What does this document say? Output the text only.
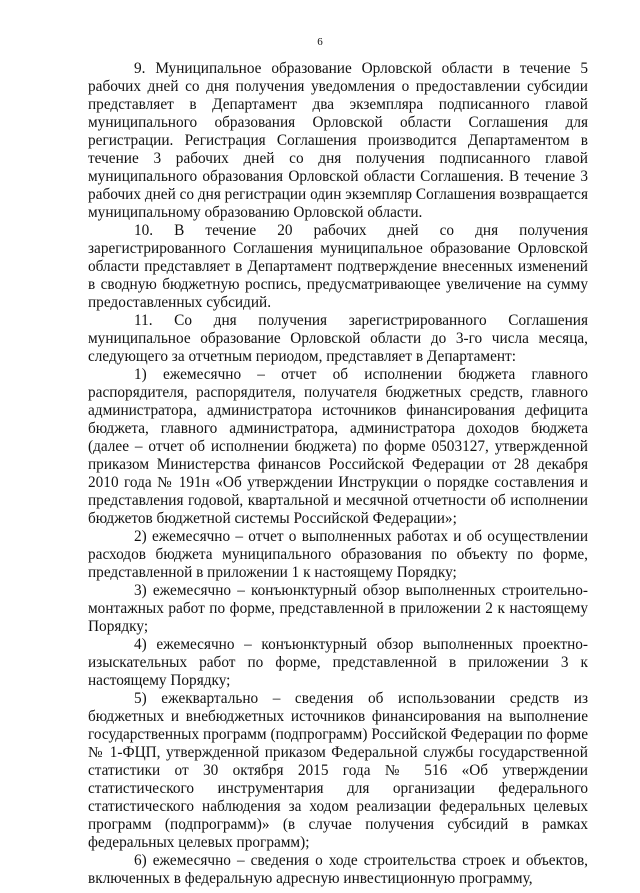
6

9. Муниципальное образование Орловской области в течение 5 рабочих дней со дня получения уведомления о предоставлении субсидии представляет в Департамент два экземпляра подписанного главой муниципального образования Орловской области Соглашения для регистрации. Регистрация Соглашения производится Департаментом в течение 3 рабочих дней со дня получения подписанного главой муниципального образования Орловской области Соглашения. В течение 3 рабочих дней со дня регистрации один экземпляр Соглашения возвращается муниципальному образованию Орловской области.

10. В течение 20 рабочих дней со дня получения зарегистрированного Соглашения муниципальное образование Орловской области представляет в Департамент подтверждение внесенных изменений в сводную бюджетную роспись, предусматривающее увеличение на сумму предоставленных субсидий.

11. Со дня получения зарегистрированного Соглашения муниципальное образование Орловской области до 3-го числа месяца, следующего за отчетным периодом, представляет в Департамент:

1) ежемесячно – отчет об исполнении бюджета главного распорядителя, распорядителя, получателя бюджетных средств, главного администратора, администратора источников финансирования дефицита бюджета, главного администратора, администратора доходов бюджета (далее – отчет об исполнении бюджета) по форме 0503127, утвержденной приказом Министерства финансов Российской Федерации от 28 декабря 2010 года № 191н «Об утверждении Инструкции о порядке составления и представления годовой, квартальной и месячной отчетности об исполнении бюджетов бюджетной системы Российской Федерации»;

2) ежемесячно – отчет о выполненных работах и об осуществлении расходов бюджета муниципального образования по объекту по форме, представленной в приложении 1 к настоящему Порядку;

3) ежемесячно – конъюнктурный обзор выполненных строительно-монтажных работ по форме, представленной в приложении 2 к настоящему Порядку;

4) ежемесячно – конъюнктурный обзор выполненных проектно-изыскательных работ по форме, представленной в приложении 3 к настоящему Порядку;

5) ежеквартально – сведения об использовании средств из бюджетных и внебюджетных источников финансирования на выполнение государственных программ (подпрограмм) Российской Федерации по форме № 1-ФЦП, утвержденной приказом Федеральной службы государственной статистики от 30 октября 2015 года № 516 «Об утверждении статистического инструментария для организации федерального статистического наблюдения за ходом реализации федеральных целевых программ (подпрограмм)» (в случае получения субсидий в рамках федеральных целевых программ);

6) ежемесячно – сведения о ходе строительства строек и объектов, включенных в федеральную адресную инвестиционную программу,
